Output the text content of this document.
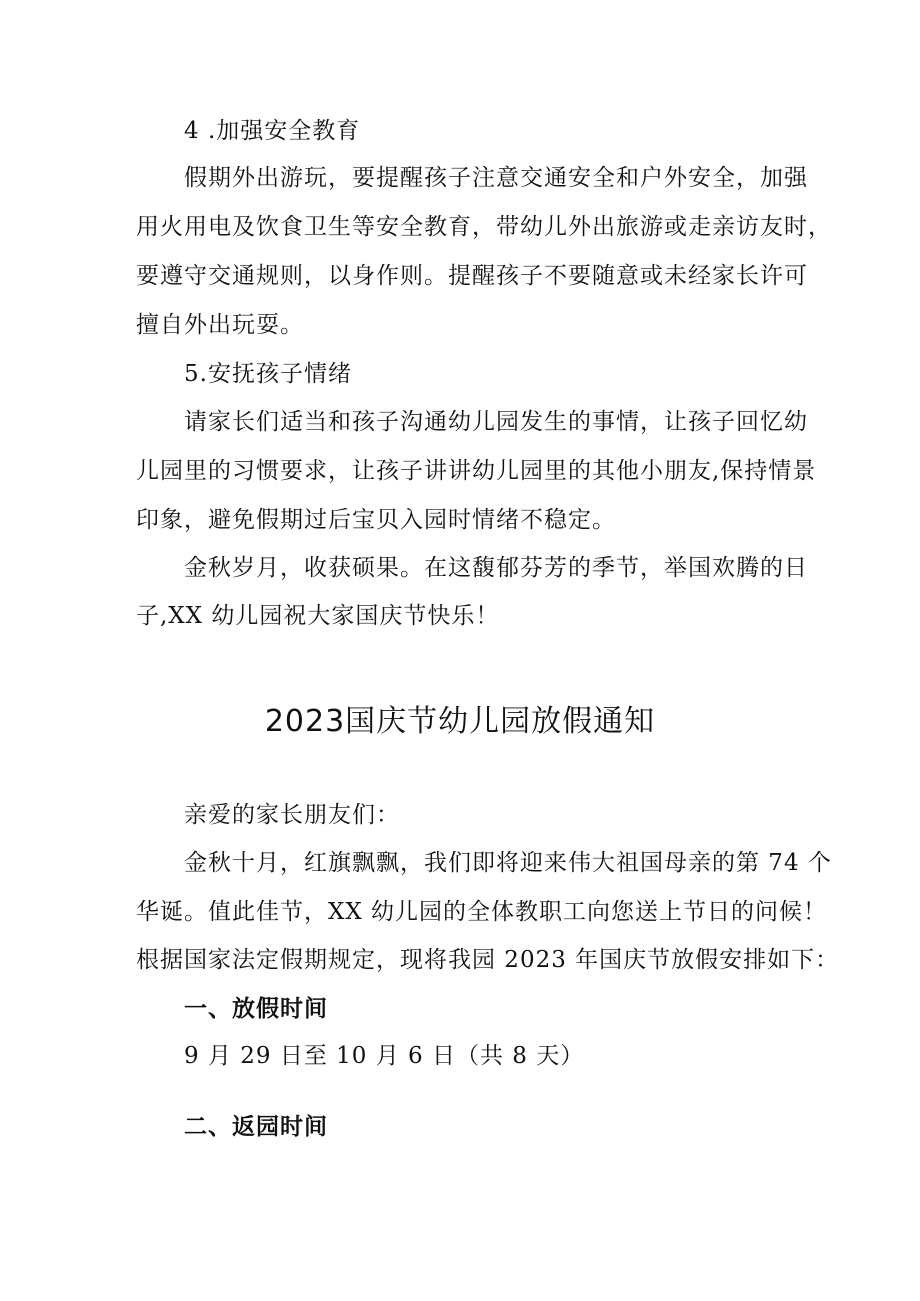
4 .加强安全教育
假期外出游玩，要提醒孩子注意交通安全和户外安全，加强
用火用电及饮食卫生等安全教育，带幼儿外出旅游或走亲访友时，
要遵守交通规则，以身作则。提醒孩子不要随意或未经家长许可
擅自外出玩耍。
5.安抚孩子情绪
请家长们适当和孩子沟通幼儿园发生的事情，让孩子回忆幼
儿园里的习惯要求，让孩子讲讲幼儿园里的其他小朋友,保持情景
印象，避免假期过后宝贝入园时情绪不稳定。
金秋岁月，收获硕果。在这馥郁芬芳的季节，举国欢腾的日
子,XX 幼儿园祝大家国庆节快乐！
2023国庆节幼儿园放假通知
亲爱的家长朋友们：
金秋十月，红旗飘飘，我们即将迎来伟大祖国母亲的第 74 个
华诞。值此佳节，XX 幼儿园的全体教职工向您送上节日的问候！
根据国家法定假期规定，现将我园 2023 年国庆节放假安排如下：
一、放假时间
9 月 29 日至 10 月 6 日（共 8 天）
二、返园时间
